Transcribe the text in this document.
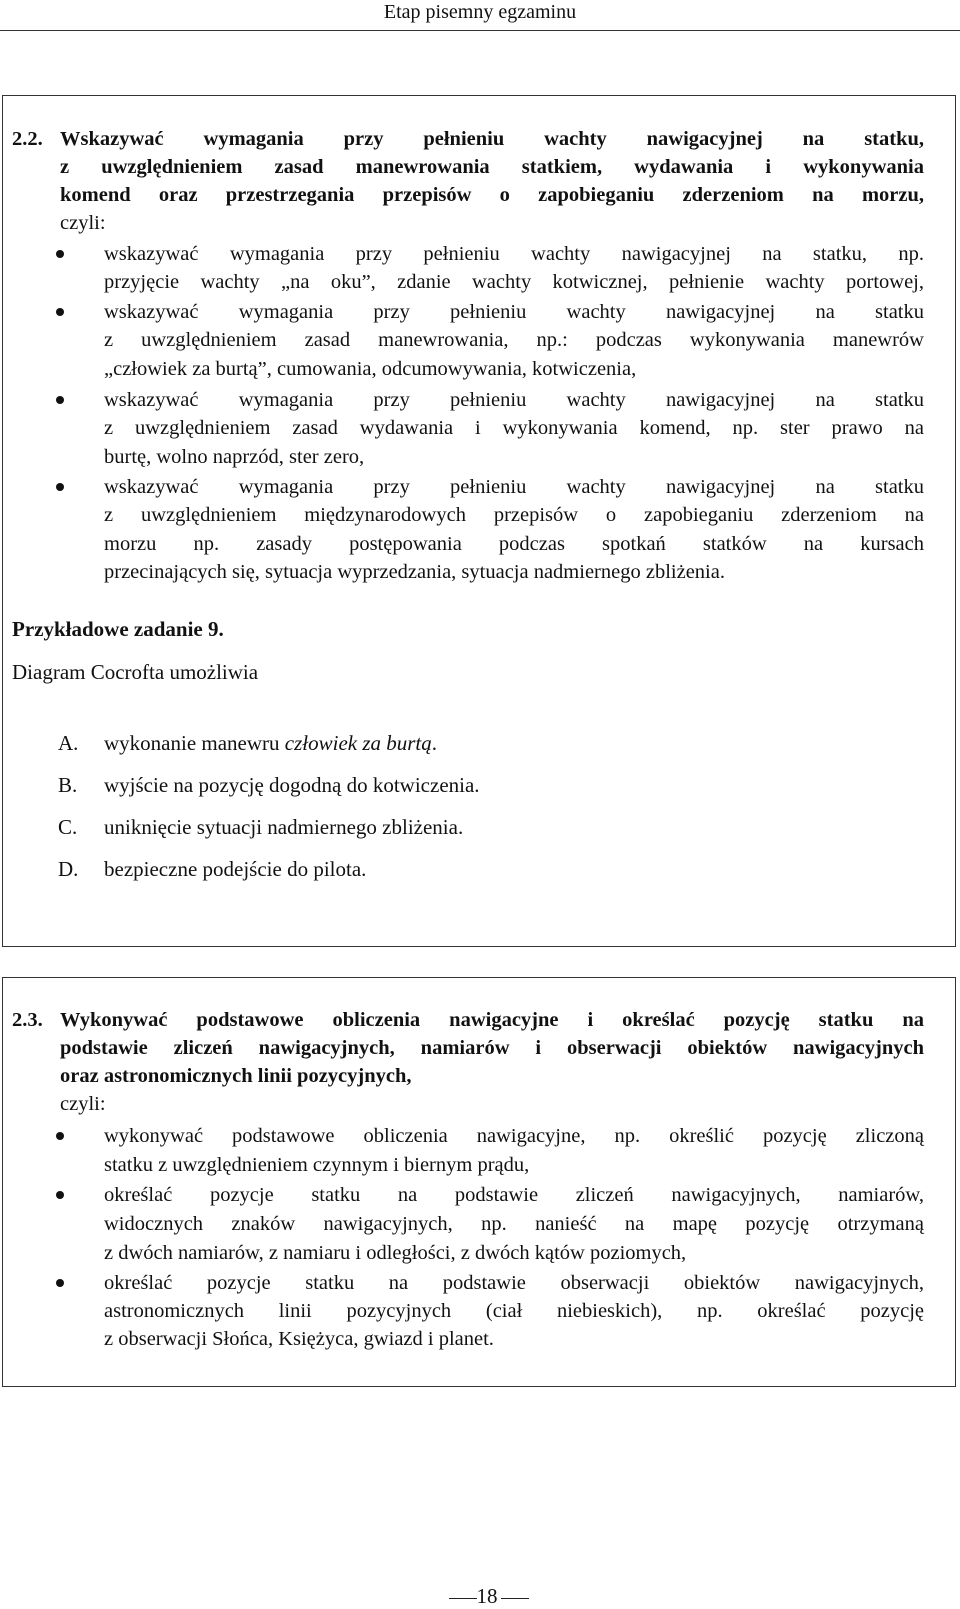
Etap pisemny egzaminu
2.2. Wskazywać wymagania przy pełnieniu wachty nawigacyjnej na statku,
z uwzględnieniem zasad manewrowania statkiem, wydawania i wykonywania
komend oraz przestrzegania przepisów o zapobieganiu zderzeniom na morzu,
czyli:
wskazywać wymagania przy pełnieniu wachty nawigacyjnej na statku, np.
przyjęcie wachty „na oku”, zdanie wachty kotwicznej, pełnienie wachty portowej,
wskazywać wymagania przy pełnieniu wachty nawigacyjnej na statku
z uwzględnieniem zasad manewrowania, np.: podczas wykonywania manewrów
„człowiek za burtą”, cumowania, odcumowywania, kotwiczenia,
wskazywać wymagania przy pełnieniu wachty nawigacyjnej na statku
z uwzględnieniem zasad wydawania i wykonywania komend, np. ster prawo na
burtę, wolno naprzód, ster zero,
wskazywać wymagania przy pełnieniu wachty nawigacyjnej na statku
z uwzględnieniem międzynarodowych przepisów o zapobieganiu zderzeniom na
morzu np. zasady postępowania podczas spotkań statków na kursach
przecinających się, sytuacja wyprzedzania, sytuacja nadmiernego zbliżenia.
Przykładowe zadanie 9.
Diagram Cocrofta umożliwia
A. wykonanie manewru człowiek za burtą.
B. wyjście na pozycję dogodną do kotwiczenia.
C. uniknięcie sytuacji nadmiernego zbliżenia.
D. bezpieczne podejście do pilota.
2.3. Wykonywać podstawowe obliczenia nawigacyjne i określać pozycję statku na
podstawie zliczeń nawigacyjnych, namiarów i obserwacji obiektów nawigacyjnych
oraz astronomicznych linii pozycyjnych,
czyli:
wykonywać podstawowe obliczenia nawigacyjne, np. określić pozycję zliczoną
statku z uwzględnieniem czynnym i biernym prądu,
określać pozycje statku na podstawie zliczeń nawigacyjnych, namiarów,
widocznych znaków nawigacyjnych, np. nanieść na mapę pozycję otrzymaną
z dwóch namiarów, z namiaru i odległości, z dwóch kątów poziomych,
określać pozycje statku na podstawie obserwacji obiektów nawigacyjnych,
astronomicznych linii pozycyjnych (ciał niebieskich), np. określać pozycję
z obserwacji Słońca, Księżyca, gwiazd i planet.
18
